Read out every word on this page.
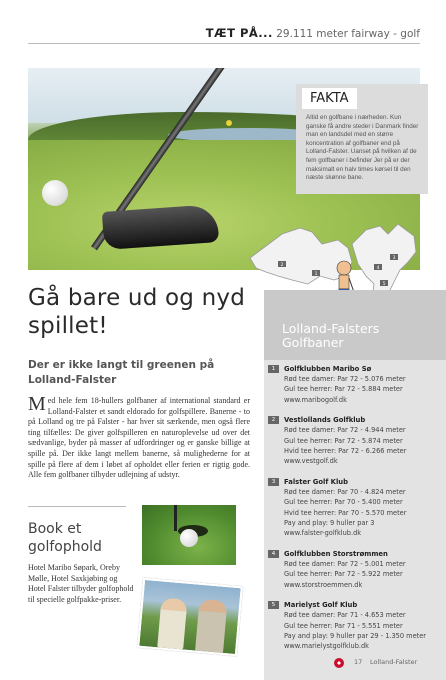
TÆT PÅ... 29.111 meter fairway - golf
FAKTA

Altid en golfbane i nærheden. Kun ganske få andre steder i Danmark finder man en landsdel med en større koncentration af golfbaner end på Lolland-Falster. Uanset på hvilken af de fem golfbaner i befinder Jer på er der maksimalt en halv times kørsel til den næste skønne bane.

2
1
3
4
5
Gå bare ud og nyd spillet!
Der er ikke langt til greenen på Lolland-Falster
Med hele fem 18-hullers golfbaner af international standard er Lolland-Falster et sandt eldorado for golfspillere. Banerne - to på Lolland og tre på Falster - har hver sit særkende, men også flere ting tilfælles: De giver golfspilleren en naturoplevelse ud over det sædvanlige, byder på masser af udfordringer og er ganske billige at spille på. Der ikke langt mellem banerne, så mulighederne for at spille på flere af dem i løbet af opholdet eller ferien er rigtig gode. Alle fem golfbaner tilbyder udlejning af udstyr.
Book et golfophold
Hotel Maribo Søpark, Oreby Mølle, Hotel Saxkjøbing og Hotel Falster tilbyder golfophold til specielle golfpakke-priser.
Lolland-Falsters Golfbaner
1	Golfklubben Maribo Sø
Rød tee damer: Par 72 - 5.076 meter
Gul tee herrer: Par 72 - 5.884 meter
www.maribogolf.dk
2	Vestlollands Golfklub
Rød tee damer: Par 72 - 4.944 meter
Gul tee herrer: Par 72 - 5.874 meter
Hvid tee herrer: Par 72 - 6.266 meter
www.vestgolf.dk
3	Falster Golf Klub
Rød tee damer: Par 70 - 4.824 meter
Gul tee herrer: Par 70 - 5.400 meter
Hvid tee herrer: Par 70 - 5.570 meter
Pay and play: 9 huller par 3
www.falster-golfklub.dk
4	Golfklubben Storstrømmen
Rød tee damer: Par 72 - 5.001 meter
Gul tee herrer: Par 72 - 5.922 meter
www.storstroemmen.dk
5	Marielyst Golf Klub
Rød tee damer: Par 71 - 4.653 meter
Gul tee herrer: Par 71 - 5.551 meter
Pay and play: 9 huller par 29 - 1.350 meter
www.marielystgolfklub.dk
17 Lolland-Falster
